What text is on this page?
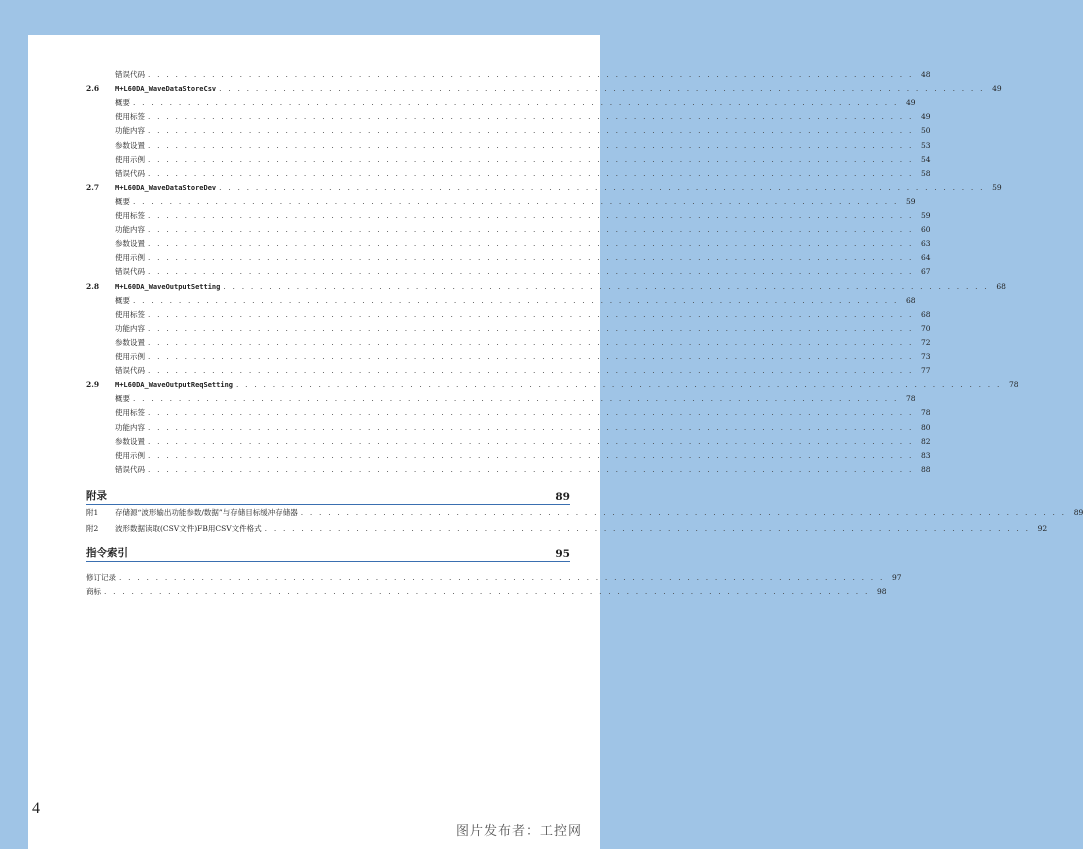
错误代码 . . . . . . . . . . . . . . . . . . . . . . . . . . . . . . . . . . . . . . . . . . . . . . . . . . . . . . . . . . . . . . . . . . . . . . . . . . . . . . . . . . . . 48
2.6	M+L60DA_WaveDataStoreCsv . . . . . . . . . . . . . . . . . . . . . . . . . . . . . . . . . . . . . . . . . . . . . . . . . . . . . . . . . . . . . . . . . . . . . . . . . . . . . . . . . . . . 49
概要 . . . . . . . . . . . . . . . . . . . . . . . . . . . . . . . . . . . . . . . . . . . . . . . . . . . . . . . . . . . . . . . . . . . . . . . . . . . . . . . . . . . . 49
使用标签 . . . . . . . . . . . . . . . . . . . . . . . . . . . . . . . . . . . . . . . . . . . . . . . . . . . . . . . . . . . . . . . . . . . . . . . . . . . . . . . . . . . . 49
功能内容 . . . . . . . . . . . . . . . . . . . . . . . . . . . . . . . . . . . . . . . . . . . . . . . . . . . . . . . . . . . . . . . . . . . . . . . . . . . . . . . . . . . . 50
参数设置 . . . . . . . . . . . . . . . . . . . . . . . . . . . . . . . . . . . . . . . . . . . . . . . . . . . . . . . . . . . . . . . . . . . . . . . . . . . . . . . . . . . . 53
使用示例 . . . . . . . . . . . . . . . . . . . . . . . . . . . . . . . . . . . . . . . . . . . . . . . . . . . . . . . . . . . . . . . . . . . . . . . . . . . . . . . . . . . . 54
错误代码 . . . . . . . . . . . . . . . . . . . . . . . . . . . . . . . . . . . . . . . . . . . . . . . . . . . . . . . . . . . . . . . . . . . . . . . . . . . . . . . . . . . . 58
2.7	M+L60DA_WaveDataStoreDev . . . . . . . . . . . . . . . . . . . . . . . . . . . . . . . . . . . . . . . . . . . . . . . . . . . . . . . . . . . . . . . . . . . . . . . . . . . . . . . . . . . . 59
概要 . . . . . . . . . . . . . . . . . . . . . . . . . . . . . . . . . . . . . . . . . . . . . . . . . . . . . . . . . . . . . . . . . . . . . . . . . . . . . . . . . . . . 59
使用标签 . . . . . . . . . . . . . . . . . . . . . . . . . . . . . . . . . . . . . . . . . . . . . . . . . . . . . . . . . . . . . . . . . . . . . . . . . . . . . . . . . . . . 59
功能内容 . . . . . . . . . . . . . . . . . . . . . . . . . . . . . . . . . . . . . . . . . . . . . . . . . . . . . . . . . . . . . . . . . . . . . . . . . . . . . . . . . . . . 60
参数设置 . . . . . . . . . . . . . . . . . . . . . . . . . . . . . . . . . . . . . . . . . . . . . . . . . . . . . . . . . . . . . . . . . . . . . . . . . . . . . . . . . . . . 63
使用示例 . . . . . . . . . . . . . . . . . . . . . . . . . . . . . . . . . . . . . . . . . . . . . . . . . . . . . . . . . . . . . . . . . . . . . . . . . . . . . . . . . . . . 64
错误代码 . . . . . . . . . . . . . . . . . . . . . . . . . . . . . . . . . . . . . . . . . . . . . . . . . . . . . . . . . . . . . . . . . . . . . . . . . . . . . . . . . . . . 67
2.8	M+L60DA_WaveOutputSetting . . . . . . . . . . . . . . . . . . . . . . . . . . . . . . . . . . . . . . . . . . . . . . . . . . . . . . . . . . . . . . . . . . . . . . . . . . . . . . . . . . . . 68
概要 . . . . . . . . . . . . . . . . . . . . . . . . . . . . . . . . . . . . . . . . . . . . . . . . . . . . . . . . . . . . . . . . . . . . . . . . . . . . . . . . . . . . 68
使用标签 . . . . . . . . . . . . . . . . . . . . . . . . . . . . . . . . . . . . . . . . . . . . . . . . . . . . . . . . . . . . . . . . . . . . . . . . . . . . . . . . . . . . 68
功能内容 . . . . . . . . . . . . . . . . . . . . . . . . . . . . . . . . . . . . . . . . . . . . . . . . . . . . . . . . . . . . . . . . . . . . . . . . . . . . . . . . . . . . 70
参数设置 . . . . . . . . . . . . . . . . . . . . . . . . . . . . . . . . . . . . . . . . . . . . . . . . . . . . . . . . . . . . . . . . . . . . . . . . . . . . . . . . . . . . 72
使用示例 . . . . . . . . . . . . . . . . . . . . . . . . . . . . . . . . . . . . . . . . . . . . . . . . . . . . . . . . . . . . . . . . . . . . . . . . . . . . . . . . . . . . 73
错误代码 . . . . . . . . . . . . . . . . . . . . . . . . . . . . . . . . . . . . . . . . . . . . . . . . . . . . . . . . . . . . . . . . . . . . . . . . . . . . . . . . . . . . 77
2.9	M+L60DA_WaveOutputReqSetting . . . . . . . . . . . . . . . . . . . . . . . . . . . . . . . . . . . . . . . . . . . . . . . . . . . . . . . . . . . . . . . . . . . . . . . . . . . . . . . . . . . . 78
概要 . . . . . . . . . . . . . . . . . . . . . . . . . . . . . . . . . . . . . . . . . . . . . . . . . . . . . . . . . . . . . . . . . . . . . . . . . . . . . . . . . . . . 78
使用标签 . . . . . . . . . . . . . . . . . . . . . . . . . . . . . . . . . . . . . . . . . . . . . . . . . . . . . . . . . . . . . . . . . . . . . . . . . . . . . . . . . . . . 78
功能内容 . . . . . . . . . . . . . . . . . . . . . . . . . . . . . . . . . . . . . . . . . . . . . . . . . . . . . . . . . . . . . . . . . . . . . . . . . . . . . . . . . . . . 80
参数设置 . . . . . . . . . . . . . . . . . . . . . . . . . . . . . . . . . . . . . . . . . . . . . . . . . . . . . . . . . . . . . . . . . . . . . . . . . . . . . . . . . . . . 82
使用示例 . . . . . . . . . . . . . . . . . . . . . . . . . . . . . . . . . . . . . . . . . . . . . . . . . . . . . . . . . . . . . . . . . . . . . . . . . . . . . . . . . . . . 83
错误代码 . . . . . . . . . . . . . . . . . . . . . . . . . . . . . . . . . . . . . . . . . . . . . . . . . . . . . . . . . . . . . . . . . . . . . . . . . . . . . . . . . . . . 88
附录	89
附1	存储源“波形输出功能参数/数据”与存储目标缓冲存储器 . . . . . . . . . . . . . . . . . . . . . . . . . . . . . . . . . . . . . . . . . . . . . . . . . . . . . . . . . . . . . . . . . . . . . . . . . . . . . . . . . . . . 89
附2	波形数据读取(CSV文件)FB用CSV文件格式 . . . . . . . . . . . . . . . . . . . . . . . . . . . . . . . . . . . . . . . . . . . . . . . . . . . . . . . . . . . . . . . . . . . . . . . . . . . . . . . . . . . . 92
指令索引	95
修订记录 . . . . . . . . . . . . . . . . . . . . . . . . . . . . . . . . . . . . . . . . . . . . . . . . . . . . . . . . . . . . . . . . . . . . . . . . . . . . . . . . . . . . 97
商标 . . . . . . . . . . . . . . . . . . . . . . . . . . . . . . . . . . . . . . . . . . . . . . . . . . . . . . . . . . . . . . . . . . . . . . . . . . . . . . . . . . . . 98
4
图片发布者：工控网
